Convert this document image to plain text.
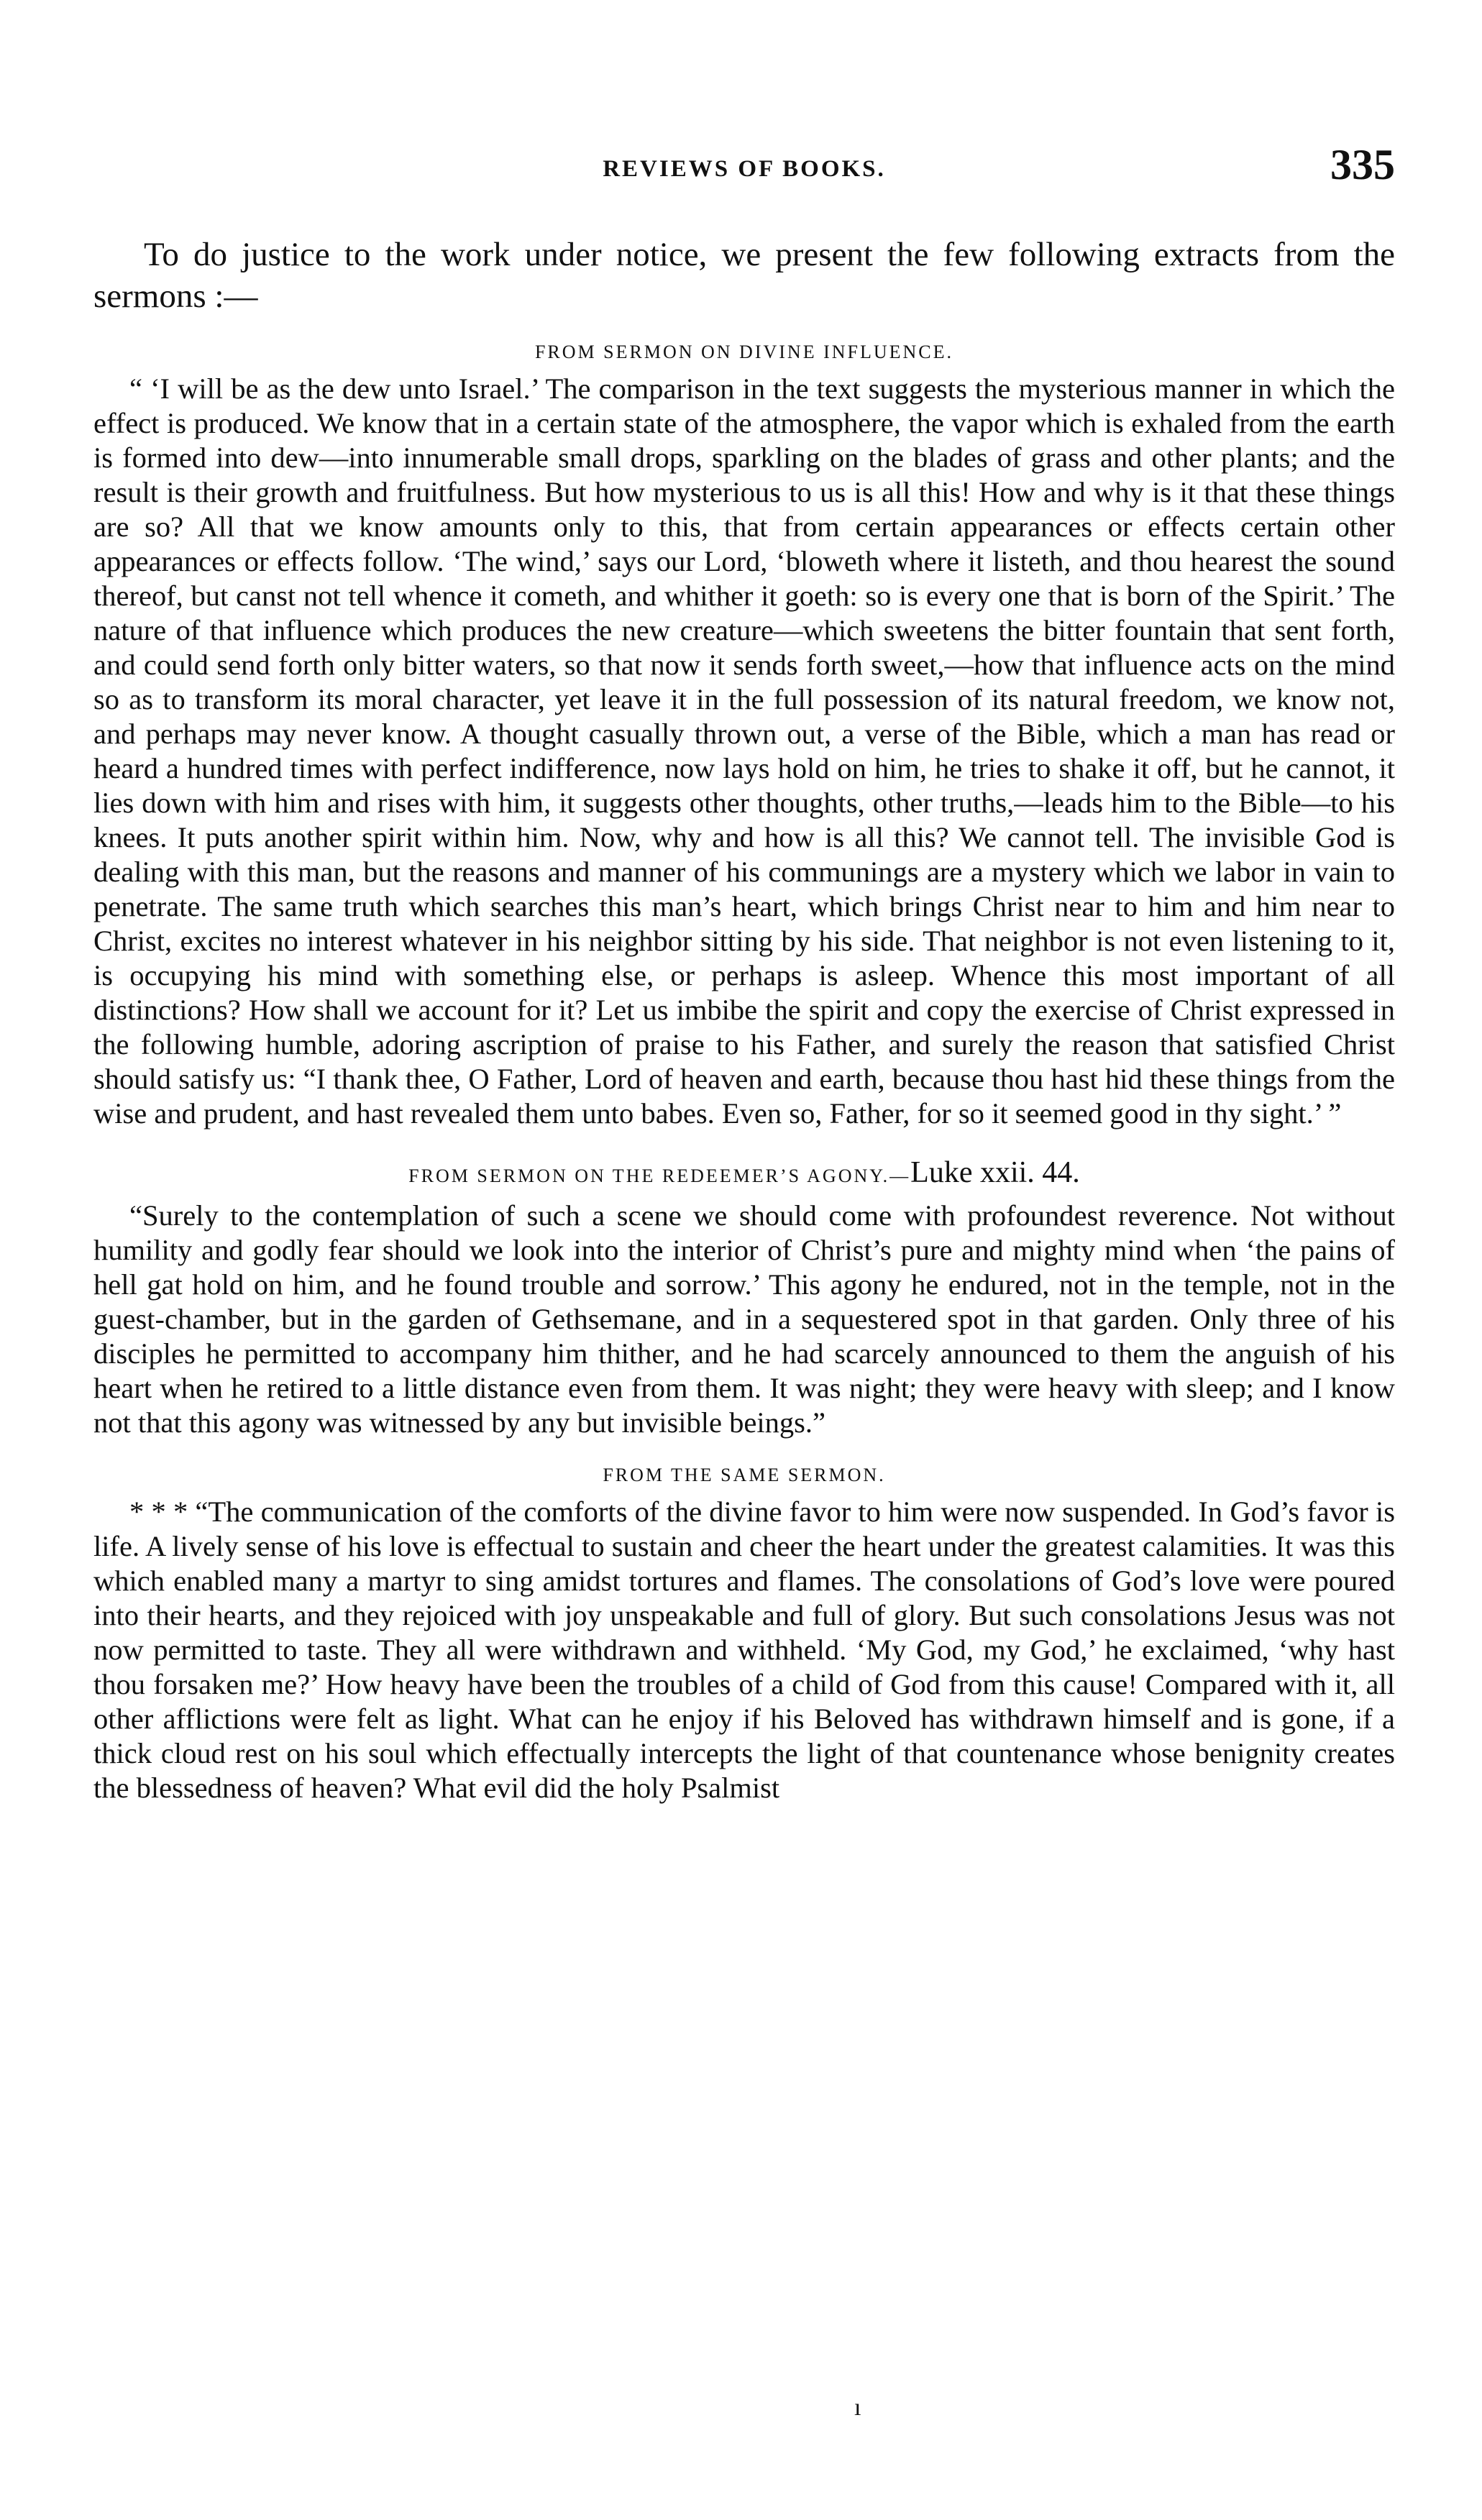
REVIEWS OF BOOKS.	335

To do justice to the work under notice, we present the few following extracts from the sermons :—

FROM SERMON ON DIVINE INFLUENCE.

“ ‘I will be as the dew unto Israel.’ The comparison in the text suggests the mysterious manner in which the effect is produced. We know that in a certain state of the atmosphere, the vapor which is exhaled from the earth is formed into dew—into innumerable small drops, sparkling on the blades of grass and other plants; and the result is their growth and fruitfulness. But how mysterious to us is all this! How and why is it that these things are so? All that we know amounts only to this, that from certain appearances or effects certain other appearances or effects follow. ‘The wind,’ says our Lord, ‘bloweth where it listeth, and thou hearest the sound thereof, but canst not tell whence it cometh, and whither it goeth: so is every one that is born of the Spirit.’ The nature of that influence which produces the new creature—which sweetens the bitter fountain that sent forth, and could send forth only bitter waters, so that now it sends forth sweet,—how that influence acts on the mind so as to transform its moral character, yet leave it in the full possession of its natural freedom, we know not, and perhaps may never know. A thought casually thrown out, a verse of the Bible, which a man has read or heard a hundred times with perfect indifference, now lays hold on him, he tries to shake it off, but he cannot, it lies down with him and rises with him, it suggests other thoughts, other truths,—leads him to the Bible—to his knees. It puts another spirit within him. Now, why and how is all this? We cannot tell. The invisible God is dealing with this man, but the reasons and manner of his communings are a mystery which we labor in vain to penetrate. The same truth which searches this man’s heart, which brings Christ near to him and him near to Christ, excites no interest whatever in his neighbor sitting by his side. That neighbor is not even listening to it, is occupying his mind with something else, or perhaps is asleep. Whence this most important of all distinctions? How shall we account for it? Let us imbibe the spirit and copy the exercise of Christ expressed in the following humble, adoring ascription of praise to his Father, and surely the reason that satisfied Christ should satisfy us: “I thank thee, O Father, Lord of heaven and earth, because thou hast hid these things from the wise and prudent, and hast revealed them unto babes. Even so, Father, for so it seemed good in thy sight.’ ”

FROM SERMON ON THE REDEEMER’S AGONY.—Luke xxii. 44.

“Surely to the contemplation of such a scene we should come with profoundest reverence. Not without humility and godly fear should we look into the interior of Christ’s pure and mighty mind when ‘the pains of hell gat hold on him, and he found trouble and sorrow.’ This agony he endured, not in the temple, not in the guest-chamber, but in the garden of Gethsemane, and in a sequestered spot in that garden. Only three of his disciples he permitted to accompany him thither, and he had scarcely announced to them the anguish of his heart when he retired to a little distance even from them. It was night; they were heavy with sleep; and I know not that this agony was witnessed by any but invisible beings.”

FROM THE SAME SERMON.

* * * “The communication of the comforts of the divine favor to him were now suspended. In God’s favor is life. A lively sense of his love is effectual to sustain and cheer the heart under the greatest calamities. It was this which enabled many a martyr to sing amidst tortures and flames. The consolations of God’s love were poured into their hearts, and they rejoiced with joy unspeakable and full of glory. But such consolations Jesus was not now permitted to taste. They all were withdrawn and withheld. ‘My God, my God,’ he exclaimed, ‘why hast thou forsaken me?’ How heavy have been the troubles of a child of God from this cause! Compared with it, all other afflictions were felt as light. What can he enjoy if his Beloved has withdrawn himself and is gone, if a thick cloud rest on his soul which effectually intercepts the light of that countenance whose benignity creates the blessedness of heaven? What evil did the holy Psalmist

ı
